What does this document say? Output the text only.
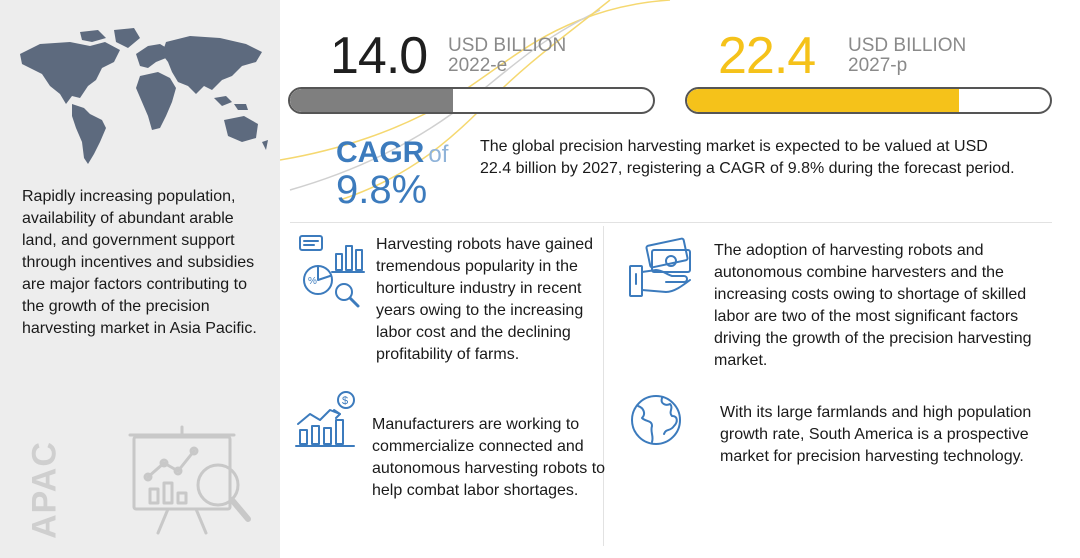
Rapidly increasing population, availability of abundant arable land, and government support through incentives and subsidies are major factors contributing to the growth of the precision harvesting market in Asia Pacific.
APAC
14.0 USD BILLION
2022-e	22.4 USD BILLION
2027-p
CAGR of
9.8%
The global precision harvesting market is expected to be valued at USD 22.4 billion by 2027, registering a CAGR of 9.8% during the forecast period.
%
Harvesting robots have gained tremendous popularity in the horticulture industry in recent years owing to the increasing labor cost and the declining profitability of farms.
The adoption of harvesting robots and autonomous combine harvesters and the increasing costs owing to shortage of skilled labor are two of the most significant factors driving the growth of the precision harvesting market.
$
Manufacturers are working to commercialize connected and autonomous harvesting robots to help combat labor shortages.
With its large farmlands and high population growth rate, South America is a prospective market for precision harvesting technology.
